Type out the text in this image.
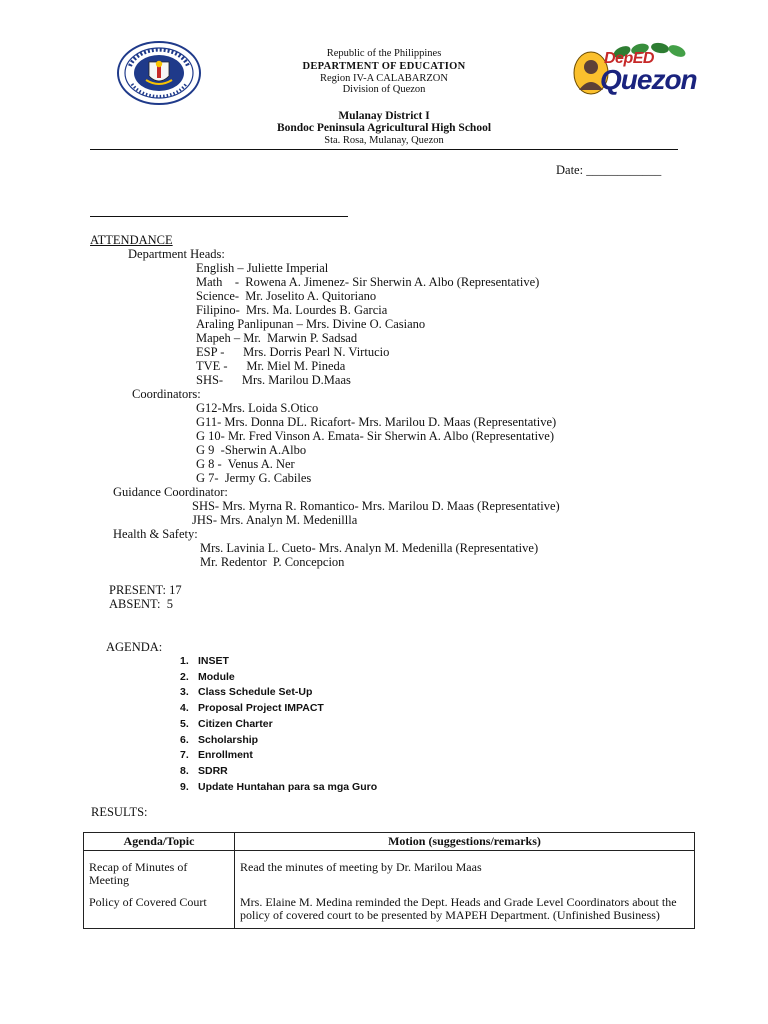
DepED
Quezon
Republic of the Philippines
DEPARTMENT OF EDUCATION
Region IV-A CALABARZON
Division of Quezon
Mulanay District I
Bondoc Peninsula Agricultural High School
Sta. Rosa, Mulanay, Quezon
Date: ____________
ATTENDANCE
Department Heads:
English – Juliette Imperial
Math    -  Rowena A. Jimenez- Sir Sherwin A. Albo (Representative)
Science-  Mr. Joselito A. Quitoriano
Filipino-  Mrs. Ma. Lourdes B. Garcia
Araling Panlipunan – Mrs. Divine O. Casiano
Mapeh – Mr.  Marwin P. Sadsad
ESP -      Mrs. Dorris Pearl N. Virtucio
TVE -      Mr. Miel M. Pineda
SHS-      Mrs. Marilou D.Maas
Coordinators:
G12-Mrs. Loida S.Otico
G11- Mrs. Donna DL. Ricafort- Mrs. Marilou D. Maas (Representative)
G 10- Mr. Fred Vinson A. Emata- Sir Sherwin A. Albo (Representative)
G 9  -Sherwin A.Albo
G 8 -  Venus A. Ner
G 7-  Jermy G. Cabiles
Guidance Coordinator:
SHS- Mrs. Myrna R. Romantico- Mrs. Marilou D. Maas (Representative)
JHS- Mrs. Analyn M. Medenillla
Health & Safety:
Mrs. Lavinia L. Cueto- Mrs. Analyn M. Medenilla (Representative)
Mr. Redentor  P. Concepcion
PRESENT: 17
ABSENT:  5
AGENDA:
1. INSET
2. Module
3. Class Schedule Set-Up
4. Proposal Project IMPACT
5. Citizen Charter
6. Scholarship
7. Enrollment
8. SDRR
9. Update Huntahan para sa mga Guro
RESULTS:
Agenda/Topic	Motion (suggestions/remarks)
Recap of Minutes of Meeting	Read the minutes of meeting by Dr. Marilou Maas
Policy of Covered Court	Mrs. Elaine M. Medina reminded the Dept. Heads and Grade Level Coordinators about the policy of covered court to be presented by MAPEH Department. (Unfinished Business)
